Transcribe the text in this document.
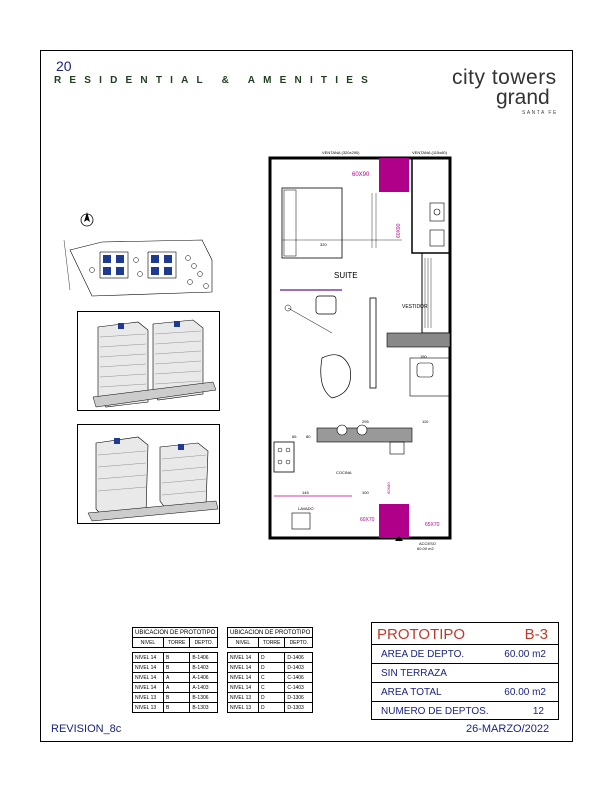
20
RESIDENTIAL & AMENITIES	city towers
grand
SANTA FE
VENTANA (320x290)	VENTANA (115x80)
60X90
60X90
320
SUITE
VESTIDOR
150
295	110
65 80
COCINA
60X80
145	100
LAVADO
60X70
65X70
ACCESO
60.00 m2
UBICACION DE PROTOTIPO		
NIVEL	TORRE	DEPTO.

NIVEL 14	B	B-1406
NIVEL 14	B	B-1403
NIVEL 14	A	A-1406
NIVEL 14	A	A-1403
NIVEL 13	B	B-1306
NIVEL 13	B	B-1303
UBICACION DE PROTOTIPO		
NIVEL	TORRE	DEPTO.

NIVEL 14	D	D-1406
NIVEL 14	D	D-1403
NIVEL 14	C	C-1406
NIVEL 14	C	C-1403
NIVEL 13	D	D-1306
NIVEL 13	D	D-1303
PROTOTIPO	B-3
AREA DE DEPTO.	60.00 m2
SIN TERRAZA
AREA TOTAL	60.00 m2
NUMERO DE DEPTOS.	12
REVISION_8c	26-MARZO/2022
